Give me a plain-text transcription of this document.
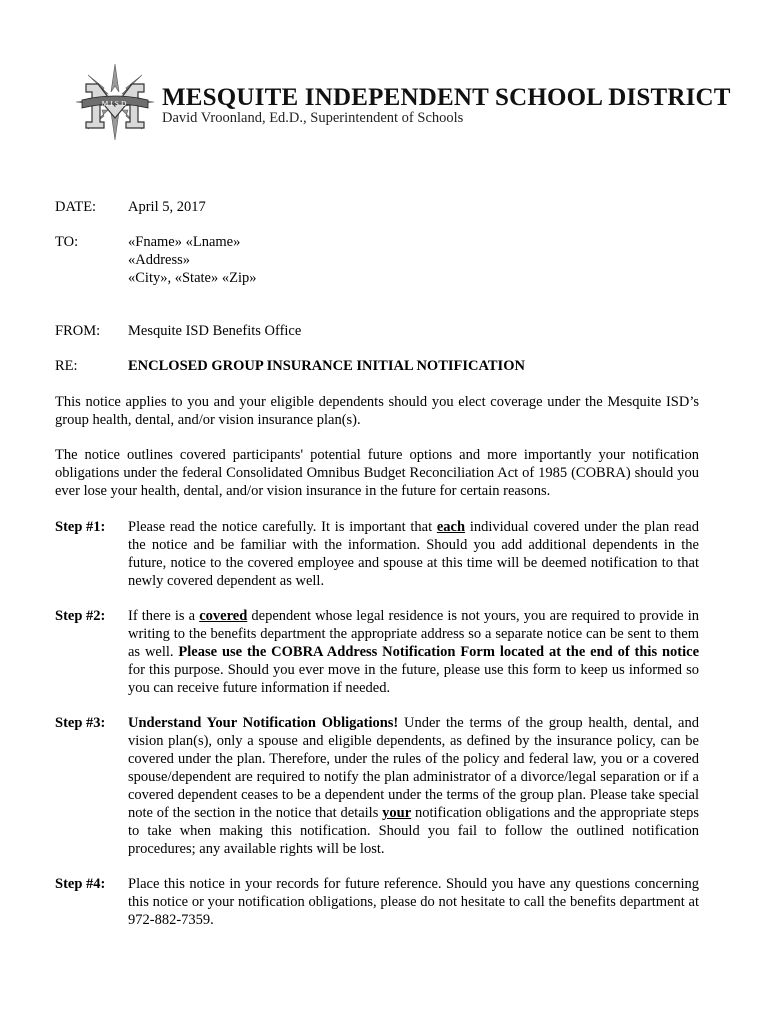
MISD MESQUITE INDEPENDENT SCHOOL DISTRICT
David Vroonland, Ed.D., Superintendent of Schools
DATE:	April 5, 2017
TO:	«Fname» «Lname»
«Address»
«City», «State» «Zip»
FROM:	Mesquite ISD Benefits Office
RE:	ENCLOSED GROUP INSURANCE INITIAL NOTIFICATION

This notice applies to you and your eligible dependents should you elect coverage under the Mesquite ISD’s group health, dental, and/or vision insurance plan(s).

The notice outlines covered participants' potential future options and more importantly your notification obligations under the federal Consolidated Omnibus Budget Reconciliation Act of 1985 (COBRA) should you ever lose your health, dental, and/or vision insurance in the future for certain reasons.

Step #1:	Please read the notice carefully. It is important that each individual covered under the plan read the notice and be familiar with the information. Should you add additional dependents in the future, notice to the covered employee and spouse at this time will be deemed notification to that newly covered dependent as well.
Step #2:	If there is a covered dependent whose legal residence is not yours, you are required to provide in writing to the benefits department the appropriate address so a separate notice can be sent to them as well. Please use the COBRA Address Notification Form located at the end of this notice for this purpose. Should you ever move in the future, please use this form to keep us informed so you can receive future information if needed.
Step #3:	Understand Your Notification Obligations! Under the terms of the group health, dental, and vision plan(s), only a spouse and eligible dependents, as defined by the insurance policy, can be covered under the plan. Therefore, under the rules of the policy and federal law, you or a covered spouse/dependent are required to notify the plan administrator of a divorce/legal separation or if a covered dependent ceases to be a dependent under the terms of the group plan. Please take special note of the section in the notice that details your notification obligations and the appropriate steps to take when making this notification. Should you fail to follow the outlined notification procedures; any available rights will be lost.
Step #4:	Place this notice in your records for future reference. Should you have any questions concerning this notice or your notification obligations, please do not hesitate to call the benefits department at 972-882-7359.
